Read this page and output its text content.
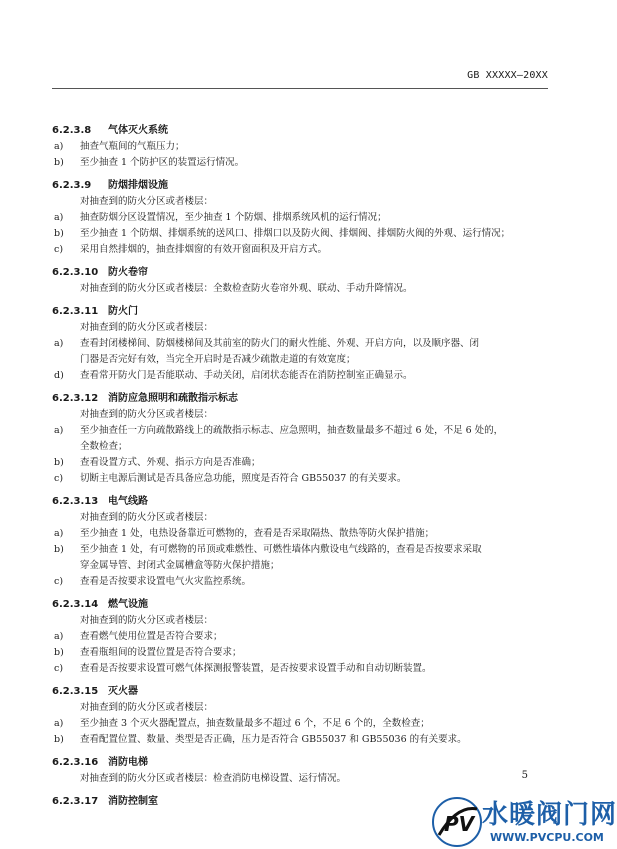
GB XXXXX—20XX
6.2.3.8 气体灭火系统
a)	抽查气瓶间的气瓶压力；
b)	至少抽查 1 个防护区的装置运行情况。
6.2.3.9 防烟排烟设施
对抽查到的防火分区或者楼层：
a)	抽查防烟分区设置情况，至少抽查 1 个防烟、排烟系统风机的运行情况；
b)	至少抽查 1 个防烟、排烟系统的送风口、排烟口以及防火阀、排烟阀、排烟防火阀的外观、运行情况；
c)	采用自然排烟的，抽查排烟窗的有效开窗面积及开启方式。
6.2.3.10 防火卷帘
对抽查到的防火分区或者楼层：全数检查防火卷帘外观、联动、手动升降情况。
6.2.3.11 防火门
对抽查到的防火分区或者楼层：
a)	查看封闭楼梯间、防烟楼梯间及其前室的防火门的耐火性能、外观、开启方向，以及顺序器、闭
门器是否完好有效，当完全开启时是否减少疏散走道的有效宽度；
d)	查看常开防火门是否能联动、手动关闭，启闭状态能否在消防控制室正确显示。
6.2.3.12 消防应急照明和疏散指示标志
对抽查到的防火分区或者楼层：
a)	至少抽查任一方向疏散路线上的疏散指示标志、应急照明，抽查数量最多不超过 6 处，不足 6 处的，
全数检查；
b)	查看设置方式、外观、指示方向是否准确；
c)	切断主电源后测试是否具备应急功能，照度是否符合 GB55037 的有关要求。
6.2.3.13 电气线路
对抽查到的防火分区或者楼层：
a)	至少抽查 1 处，电热设备靠近可燃物的，查看是否采取隔热、散热等防火保护措施；
b)	至少抽查 1 处，有可燃物的吊顶或难燃性、可燃性墙体内敷设电气线路的，查看是否按要求采取
穿金属导管、封闭式金属槽盒等防火保护措施；
c)	查看是否按要求设置电气火灾监控系统。
6.2.3.14 燃气设施
对抽查到的防火分区或者楼层：
a)	查看燃气使用位置是否符合要求；
b)	查看瓶组间的设置位置是否符合要求；
c)	查看是否按要求设置可燃气体探测报警装置，是否按要求设置手动和自动切断装置。
6.2.3.15 灭火器
对抽查到的防火分区或者楼层：
a)	至少抽查 3 个灭火器配置点，抽查数量最多不超过 6 个，不足 6 个的，全数检查；
b)	查看配置位置、数量、类型是否正确，压力是否符合 GB55037 和 GB55036 的有关要求。
6.2.3.16 消防电梯
对抽查到的防火分区或者楼层：检查消防电梯设置、运行情况。
6.2.3.17 消防控制室
5
PV 水暖阀门网
WWW.PVCPU.COM
